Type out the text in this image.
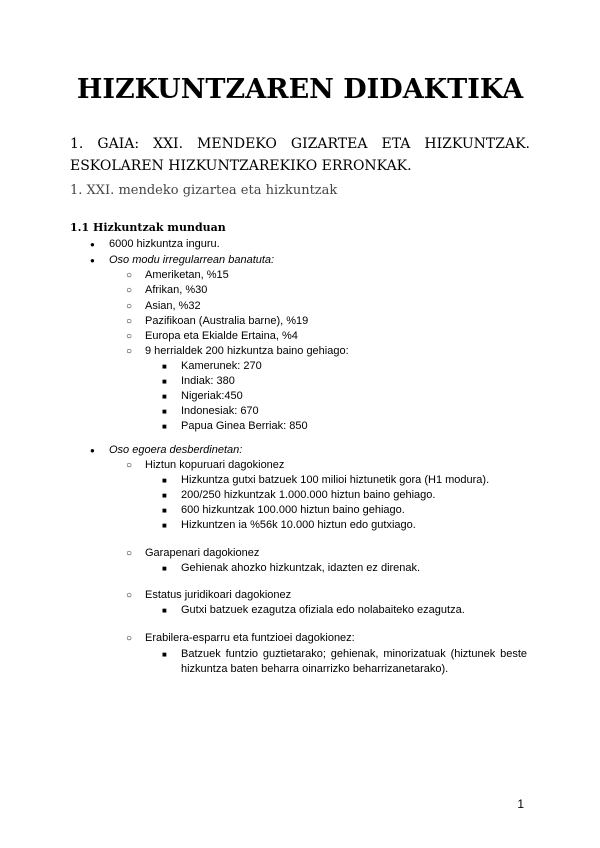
HIZKUNTZAREN DIDAKTIKA
1. GAIA: XXI. MENDEKO GIZARTEA ETA HIZKUNTZAK. ESKOLAREN HIZKUNTZAREKIKO ERRONKAK.
1. XXI. mendeko gizartea eta hizkuntzak
1.1 Hizkuntzak munduan
● 6000 hizkuntza inguru.
● Oso modu irregularrean banatuta:
○ Ameriketan, %15
○ Afrikan, %30
○ Asian, %32
○ Pazifikoan (Australia barne), %19
○ Europa eta Ekialde Ertaina, %4
○ 9 herrialdek 200 hizkuntza baino gehiago:
■ Kamerunek: 270
■ Indiak: 380
■ Nigeriak:450
■ Indonesiak: 670
■ Papua Ginea Berriak: 850
● Oso egoera desberdinetan:
○ Hiztun kopuruari dagokionez
■ Hizkuntza gutxi batzuek 100 milioi hiztunetik gora (H1 modura).
■ 200/250 hizkuntzak 1.000.000 hiztun baino gehiago.
■ 600 hizkuntzak 100.000 hiztun baino gehiago.
■ Hizkuntzen ia %56k 10.000 hiztun edo gutxiago.
○ Garapenari dagokionez
■ Gehienak ahozko hizkuntzak, idazten ez direnak.
○ Estatus juridikoari dagokionez
■ Gutxi batzuek ezagutza ofiziala edo nolabaiteko ezagutza.
○ Erabilera-esparru eta funtzioei dagokionez:
■ Batzuek funtzio guztietarako; gehienak, minorizatuak (hiztunek beste hizkuntza baten beharra oinarrizko beharrizanetarako).
1
